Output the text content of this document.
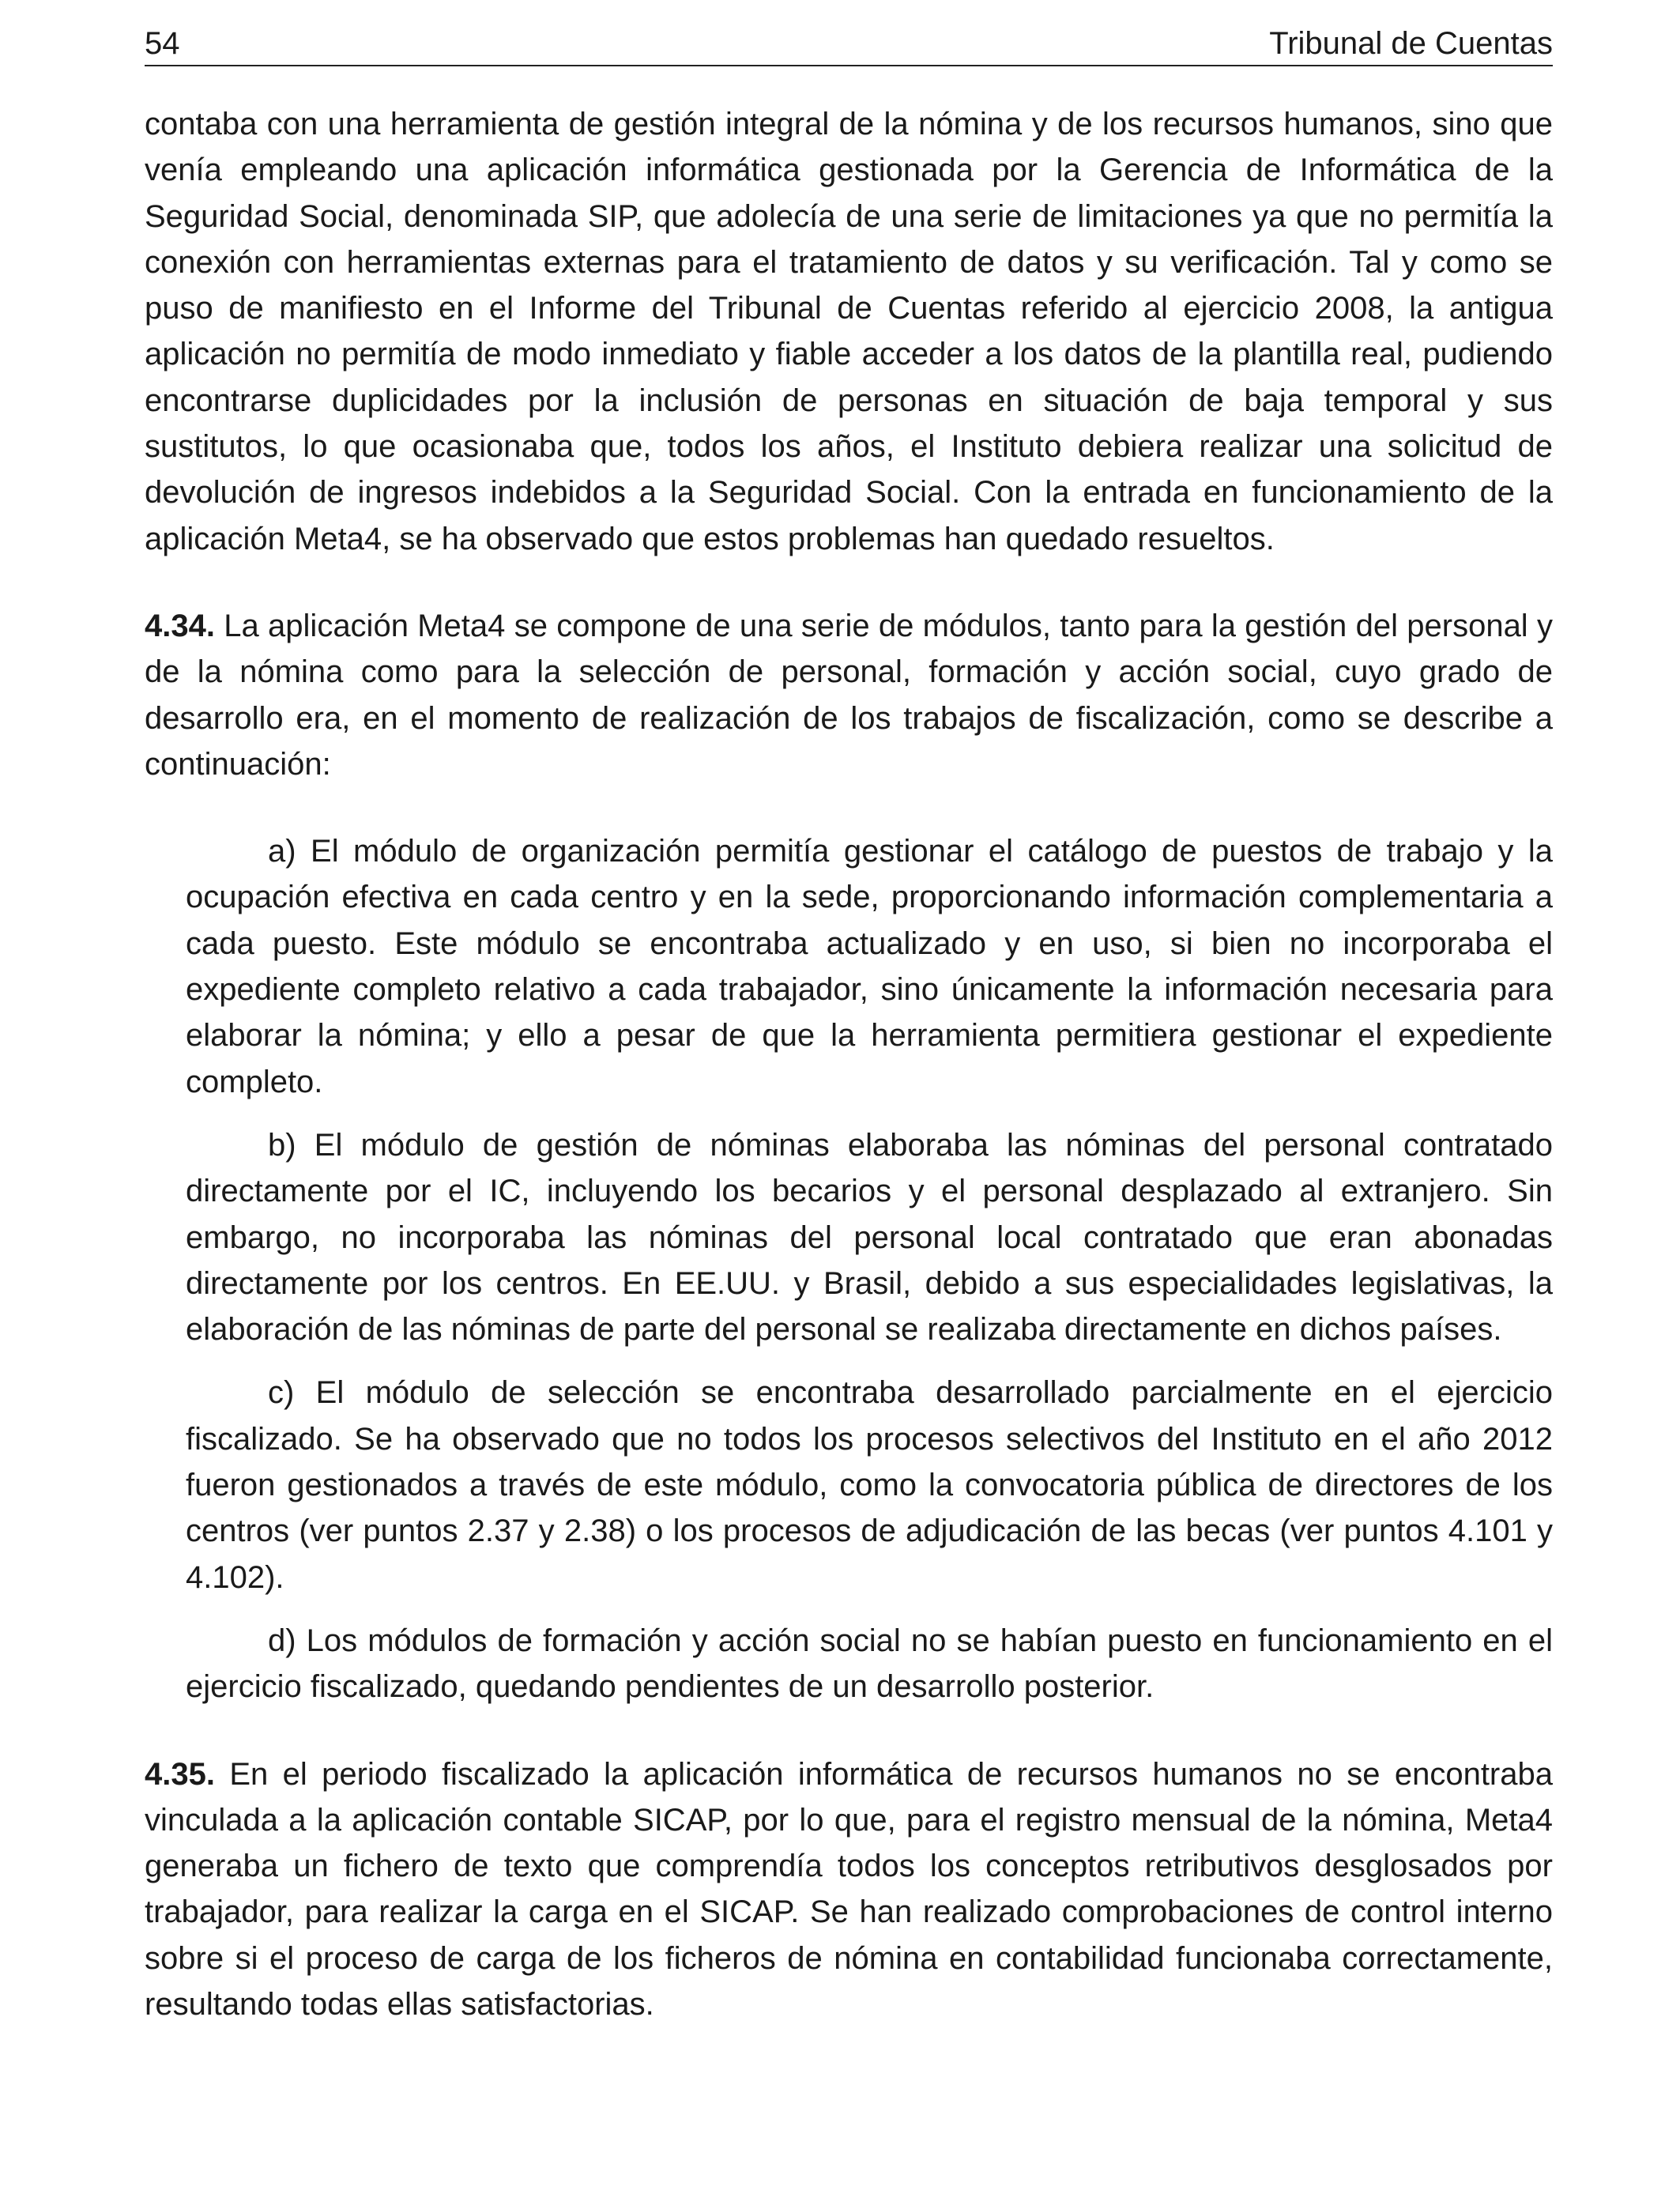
54	Tribunal de Cuentas

contaba con una herramienta de gestión integral de la nómina y de los recursos humanos, sino que venía empleando una aplicación informática gestionada por la Gerencia de Informática de la Seguridad Social, denominada SIP, que adolecía de una serie de limitaciones ya que no permitía la conexión con herramientas externas para el tratamiento de datos y su verificación. Tal y como se puso de manifiesto en el Informe del Tribunal de Cuentas referido al ejercicio 2008, la antigua aplicación no permitía de modo inmediato y fiable acceder a los datos de la plantilla real, pudiendo encontrarse duplicidades por la inclusión de personas en situación de baja temporal y sus sustitutos, lo que ocasionaba que, todos los años, el Instituto debiera realizar una solicitud de devolución de ingresos indebidos a la Seguridad Social. Con la entrada en funcionamiento de la aplicación Meta4, se ha observado que estos problemas han quedado resueltos.

4.34. La aplicación Meta4 se compone de una serie de módulos, tanto para la gestión del personal y de la nómina como para la selección de personal, formación y acción social, cuyo grado de desarrollo era, en el momento de realización de los trabajos de fiscalización, como se describe a continuación:

a) El módulo de organización permitía gestionar el catálogo de puestos de trabajo y la ocupación efectiva en cada centro y en la sede, proporcionando información complementaria a cada puesto. Este módulo se encontraba actualizado y en uso, si bien no incorporaba el expediente completo relativo a cada trabajador, sino únicamente la información necesaria para elaborar la nómina; y ello a pesar de que la herramienta permitiera gestionar el expediente completo.

b) El módulo de gestión de nóminas elaboraba las nóminas del personal contratado directamente por el IC, incluyendo los becarios y el personal desplazado al extranjero. Sin embargo, no incorporaba las nóminas del personal local contratado que eran abonadas directamente por los centros. En EE.UU. y Brasil, debido a sus especialidades legislativas, la elaboración de las nóminas de parte del personal se realizaba directamente en dichos países.

c) El módulo de selección se encontraba desarrollado parcialmente en el ejercicio fiscalizado. Se ha observado que no todos los procesos selectivos del Instituto en el año 2012 fueron gestionados a través de este módulo, como la convocatoria pública de directores de los centros (ver puntos 2.37 y 2.38) o los procesos de adjudicación de las becas (ver puntos 4.101 y 4.102).

d) Los módulos de formación y acción social no se habían puesto en funcionamiento en el ejercicio fiscalizado, quedando pendientes de un desarrollo posterior.

4.35. En el periodo fiscalizado la aplicación informática de recursos humanos no se encontraba vinculada a la aplicación contable SICAP, por lo que, para el registro mensual de la nómina, Meta4 generaba un fichero de texto que comprendía todos los conceptos retributivos desglosados por trabajador, para realizar la carga en el SICAP. Se han realizado comprobaciones de control interno sobre si el proceso de carga de los ficheros de nómina en contabilidad funcionaba correctamente, resultando todas ellas satisfactorias.
